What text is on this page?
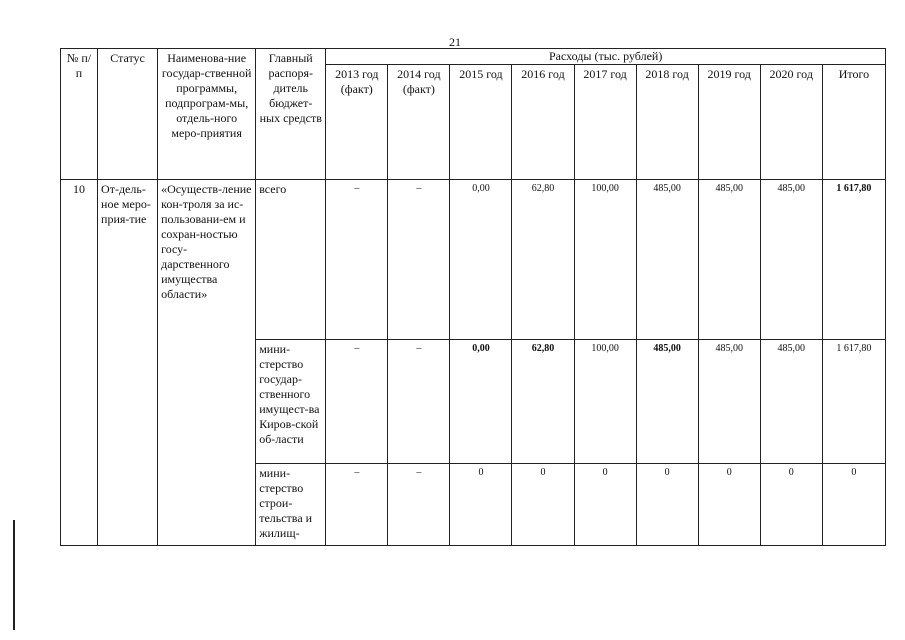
21
№ п/п	Статус	Наименова-ние государ-ственной программы, подпрограм-мы, отдель-ного меро-приятия	Главный распоря-дитель бюджет-ных средств	Расходы (тыс. рублей)								
				2013 год (факт)	2014 год (факт)	2015 год	2016 год	2017 год	2018 год	2019 год	2020 год	Итого
10	От-дель-ное меро-прия-тие	«Осуществ-ление кон-троля за ис-пользовани-ем и сохран-ностью госу-дарственного имущества области»	всего	–	–	0,00	62,80	100,00	485,00	485,00	485,00	1 617,80
			мини-стерство государ-ственного имущест-ва Киров-ской об-ласти	–	–	0,00	62,80	100,00	485,00	485,00	485,00	1 617,80
			мини-стерство строи-тельства и жилищ-	–	–	0	0	0	0	0	0	0
